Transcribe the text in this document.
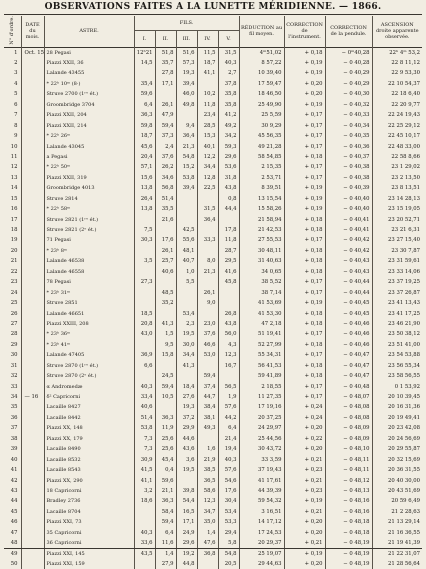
OBSERVATIONS FAITES A LA LUNETTE MÉRIDIENNE. — 1866.
N° d'ordre.	DATE du mois.	ASTRE.	FILS.					RÉDUCTION au fil moyen.	CORRECTION de l'instrument.	CORRECTION de la pendule.	ASCENSION droite apparente observée.
			I.	II.	III.	IV.	V.				
1	Oct. 15	28 Pegasi	12ʰ21	51,8	51,6	11,5	31,5	4ᵐ51,02	+ 0,18	− 0ᵐ40,28	22ʰ 4ᵐ 53,2
2		Piazzi XXII, 36	14,5	35,7	57,3	18,7	40,3	8 57,22	+ 0,19	− 0 40,28	22 8 11,12
3		Lalande 43455		27,8	19,3	41,1	2,7	10 39,40	+ 0,19	− 0 40,29	22 9 53,30
4		* 22ʰ 10ᵐ (8·)	35,4	17,1	39,4		37,8	17 59,47	+ 0,20	− 0 40,29	22 10 54,37
5		Struve 2700 (1ʳᵉ ét.)	59,6		46,0	10,2	35,8	18 46,50	+ 0,20	− 0 40,30	22 18 6,40
6		Groombridge 3704	6,4	26,1	49,8	11,8	35,8	25 49,90	+ 0,19	− 0 40,32	22 20 9,77
7		Piazzi XXII, 204	36,3	47,9		23,4	41,2	25 5,59	+ 0,17	− 0 40,33	22 24 19,43
8		Piazzi XXII, 214	59,8	59,4	9,4	28,5	49,2	30 9,29	+ 0,17	− 0 40,34	22 25 29,12
9		* 22ʰ 26ᵐ	18,7	37,3	36,4	15,3	34,2	45 56,35	+ 0,17	− 0 40,35	22 45 10,17
10		Lalande 43045	45,6	2,4	21,3	40,1	59,3	49 21,28	+ 0,17	− 0 40,36	22 48 33,00
11		a Pegasi	20,4	37,6	54,8	12,2	29,6	58 54,85	+ 0,18	− 0 40,37	22 58 8,66
12		* 22ʰ 50ᵐ	57,1	26,2	15,2	34,4	53,6	2 15,35	+ 0,17	− 0 40,38	23 1 29,02
13		Piazzi XXII, 319	15,6	34,6	53,8	12,8	31,8	2 53,71	+ 0,17	− 0 40,38	23 2 13,50
14		Groombridge 4013	13,8	56,8	39,4	22,5	43,8	8 39,51	+ 0,19	− 0 40,39	23 8 13,51
15		Struve 2814	26,4	51,4			0,8	13 15,54	+ 0,19	− 0 40,40	23 14 28,13
16		* 22ʰ 58ᵐ	13,8	35,5		31,5	44,4	15 58,26	+ 0,19	− 0 40,40	23 15 19,05
17		Struve 2821 (1ʳᵉ ét.)		21,6		36,4		21 58,94	+ 0,18	− 0 40,41	23 20 52,71
18		Struve 2821 (2ᵉ ét.)	7,5		42,5		17,8	21 42,53	+ 0,18	− 0 40,41	23 21 6,31
19		71 Pegasi	30,3	17,6	55,6	33,3	11,8	27 55,53	+ 0,17	− 0 40,42	23 27 15,40
20		* 23ʰ 8ᵐ		26,1	48,1		28,7	30 48,11	+ 0,18	− 0 40,42	23 30 7,87
21		Lalande 46538	3,5	25,7	40,7	8,0	29,5	31 40,63	+ 0,18	− 0 40,43	23 31 59,61
22		Lalande 46558		40,6	1,0	21,3	41,6	34 0,65	+ 0,18	− 0 40,43	23 33 14,06
23		78 Pegasi	27,3		5,5		45,8	38 5,52	+ 0,17	− 0 40,44	23 37 19,25
24		* 23ʰ 31ᵐ		48,5		26,1		38 7,14	+ 0,17	− 0 40,44	23 37 26,87
25		Struve 2851		35,2		9,0		41 53,69	+ 0,19	− 0 40,45	23 41 13,43
26		Lalande 46651	18,5		53,4		26,8	41 53,30	+ 0,18	− 0 40,45	23 41 17,25
27		Piazzi XXIII, 208	20,8	41,3	2,3	23,0	43,8	47 2,18	+ 0,18	− 0 40,46	23 46 21,90
28		* 23ʰ 36ᵐ	43,0	1,5	19,5	37,6	56,0	51 19,41	+ 0,17	− 0 40,46	23 50 38,12
29		* 23ʰ 41ᵐ		9,5	30,0	46,6	4,3	52 27,99	+ 0,18	− 0 40,46	23 51 41,00
30		Lalande 47405	36,9	15,8	34,4	53,0	12,3	55 34,31	+ 0,17	− 0 40,47	23 54 53,88
31		Struve 2870 (1ʳᵉ ét.)	6,6		41,3		16,7	56 41,53	+ 0,18	− 0 40,47	23 56 55,34
32		Struve 2870 (2ᵉ ét.)		24,5		59,4		59 41,89	+ 0,18	− 0 40,47	23 58 56,55
33		α Andromedæ	40,3	59,4	18,4	37,4	56,5	2 18,55	+ 0,17	− 0 40,48	0 1 53,92
34	— 16	δ² Capricorni	33,4	10,5	27,6	44,7	1,9	11 27,35	+ 0,17	− 0 48,07	20 10 39,45
35		Lacaille 8427	40,6		19,3	38,4	57,6	17 19,16	+ 0,24	− 0 48,08	20 16 31,36
36		Lacaille 8442	51,4	36,3	37,2	38,1	44,2	20 37,25	+ 0,24	− 0 48,08	20 19 49,41
37		Piazzi XX, 148	53,8	11,9	29,9	49,3	6,4	24 29,97	+ 0,20	− 0 48,09	20 23 42,08
38		Piazzi XX, 179	7,3	25,6	44,6		21,4	25 44,56	+ 0,22	− 0 48,09	20 24 56,69
39		Lacaille 8490	7,3	25,6	43,6	1,6	19,4	30 43,72	+ 0,20	− 0 48,10	20 29 55,87
40		Lacaille 8532	30,9	45,4	3,6	21,9	40,3	33 3,59	+ 0,21	− 0 48,11	20 32 15,69
41		Lacaille 8543	41,5	0,4	19,5	38,5	57,6	37 19,43	+ 0,23	− 0 48,11	20 36 31,55
42		Piazzi XX, 290	41,1	59,6		36,5	54,6	41 17,61	+ 0,21	− 0 48,12	20 40 30,00
43		18 Capricorni	3,2	21,1	39,8	58,6	17,6	44 39,39	+ 0,23	− 0 48,13	20 43 51,69
44		Bradley 2736	18,6	36,3	54,4	12,3	30,4	59 54,32	+ 0,19	− 0 48,16	20 59 6,49
45		Lacaille 8704		58,4	16,5	34,7	53,4	3 16,51	+ 0,21	− 0 48,16	21 2 28,63
46		Piazzi XXI, 73		59,4	17,1	35,0	53,3	14 17,12	+ 0,20	− 0 48,18	21 13 29,14
47		35 Capricorni	40,3	6,4	24,9	1,4	29,4	17 24,53	+ 0,20	− 0 48,18	21 16 36,55
48		36 Capricorni	33,6	11,6	29,6	47,6	5,8	20 29,37	+ 0,21	− 0 48,19	21 19 41,39
49		Piazzi XXI, 145	43,5	1,4	19,2	36,8	54,8	25 19,07	+ 0,19	− 0 48,19	21 22 31,07
50		Piazzi XXI, 159		27,9	44,8		20,5	29 44,63	+ 0,20	− 0 48,19	21 28 56,64
